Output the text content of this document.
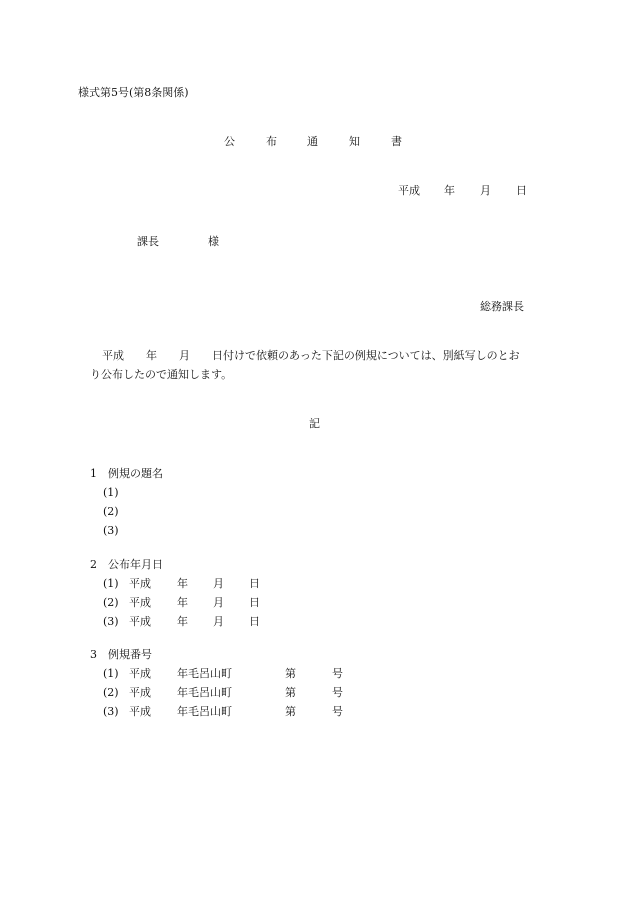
様式第5号(第8条関係)
公	布	通	知	書
平成 年 月 日
課長	様
総務課長
平成　　年　　月　　日付けで依頼のあった下記の例規については、別紙写しのとお
り公布したので通知します。
記
1　例規の題名
(1)
(2)
(3)
2　公布年月日
(1) 平成 年 月 日
(2) 平成 年 月 日
(3) 平成 年 月 日
3　例規番号
(1) 平成 年毛呂山町	第	号
(2) 平成 年毛呂山町	第	号
(3) 平成 年毛呂山町	第	号
